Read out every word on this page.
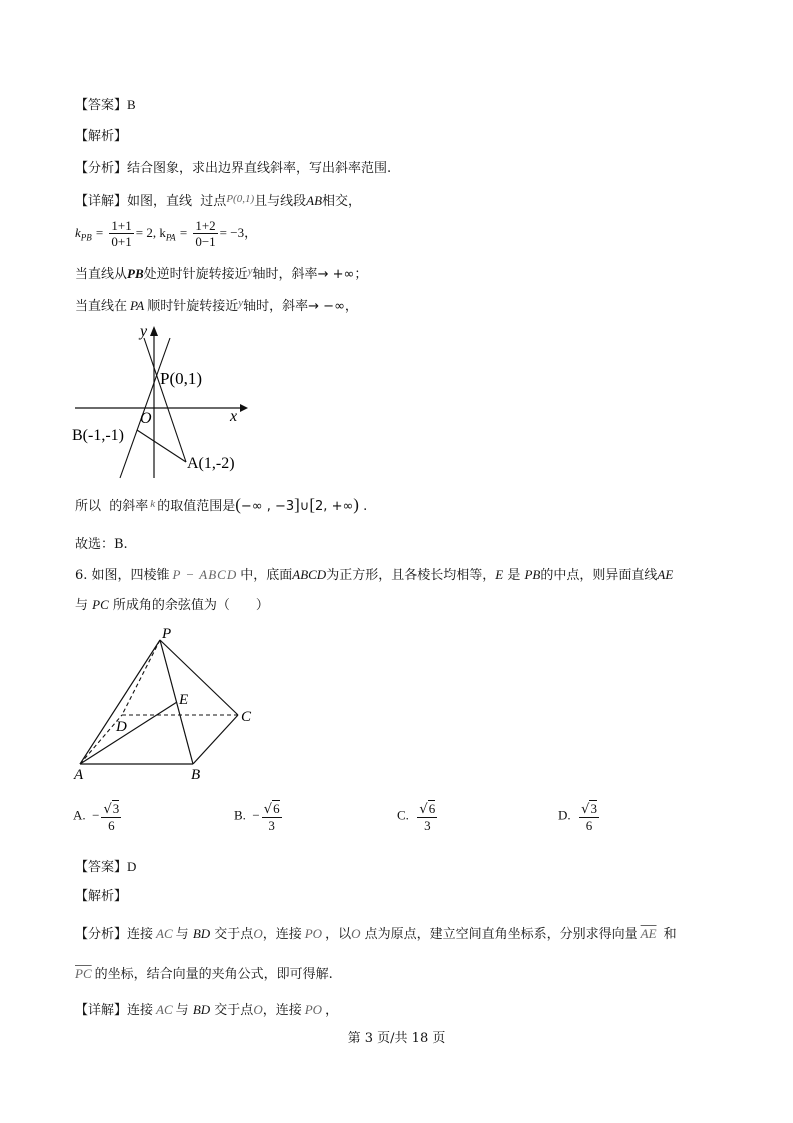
【答案】B
【解析】
【分析】结合图象，求出边界直线斜率，写出斜率范围.
【详解】如图，直线 过点$^{P(0,1)}$且与线段AB相交，
$k_{PB} = \frac{1+1}{0+1} = 2$, $k_{PA} = \frac{1+2}{0-1} = -3$，
当直线从PB处逆时针旋转接近$^y$轴时，斜率→ +∞；
当直线在 PA 顺时针旋转接近$^y$轴时，斜率→ −∞，
y
x
P(0,1)
O
B(-1,-1)
A(1,-2)
所以 的斜率 $^k$ 的取值范围是(−∞ , −3]∪[2, +∞) .
故选：B.
6. 如图，四棱锥 P − ABCD 中，底面ABCD为正方形，且各棱长均相等，E 是 PB的中点，则异面直线AE
与 PC 所成角的余弦值为（　　）
P
E
D
C
A	B
A. − $\frac{√3}{6}$	B. − $\frac{√6}{3}$	C. $\frac{√6}{3}$	D. $\frac{√3}{6}$
【答案】D
【解析】
【分析】连接 AC 与 BD 交于点O，连接 PO ，以O 点为原点，建立空间直角坐标系，分别求得向量 $\overline{AE}$ 和
$\overline{PC}$ 的坐标，结合向量的夹角公式，即可得解.
【详解】连接 AC 与 BD 交于点O，连接 PO ，
第 3 页/共 18 页
